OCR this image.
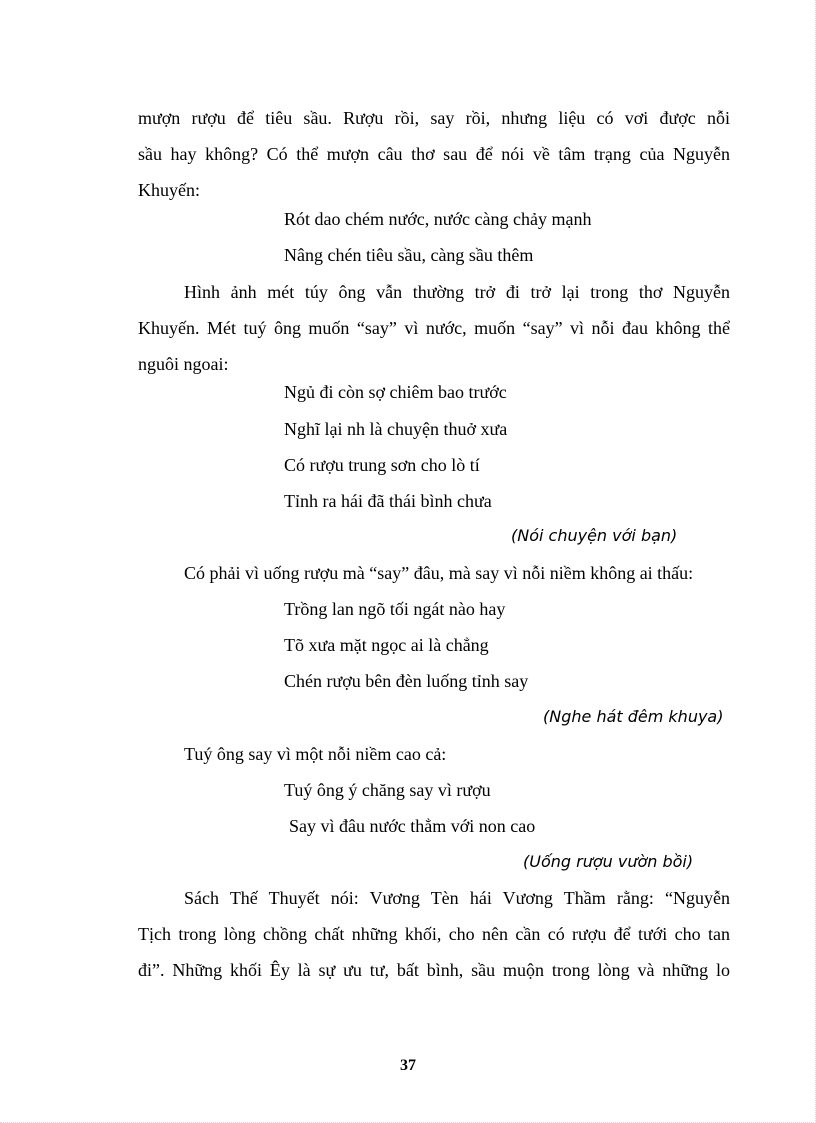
mượn rượu để tiêu sầu. Rượu rồi, say rồi, nhưng liệu có vơi được nỗi
sầu hay không? Có thể mượn câu thơ sau để nói về tâm trạng của Nguyễn
Khuyến:
Rót dao chém nước, nước càng chảy mạnh
Nâng chén tiêu sầu, càng sầu thêm
Hình ảnh mét túy ông vẫn thường trở đi trở lại trong thơ Nguyễn
Khuyến. Mét tuý ông muốn “say” vì nước, muốn “say” vì nỗi đau không thể
nguôi ngoai:
Ngủ đi còn sợ chiêm bao trước
Nghĩ lại nh là chuyện thuở xưa
Có rượu trung sơn cho lò tí
Tỉnh ra hái đã thái bình chưa
(Nói chuyện với bạn)
Có phải vì uống rượu mà “say” đâu, mà say vì nỗi niềm không ai thấu:
Trồng lan ngõ tối ngát nào hay
Tõ xưa mặt ngọc ai là chẳng
Chén rượu bên đèn luống tỉnh say
(Nghe hát đêm khuya)
Tuý ông say vì một nỗi niềm cao cả:
Tuý ông ý chăng say vì rượu
Say vì đâu nước thẳm với non cao
(Uống rượu vườn bồi)
Sách Thế Thuyết nói: Vương Tèn hái Vương Thầm rằng: “Nguyễn
Tịch trong lòng chồng chất những khối, cho nên cần có rượu để tưới cho tan
đi”. Những khối Êy là sự ưu tư, bất bình, sầu muộn trong lòng và những lo
37
